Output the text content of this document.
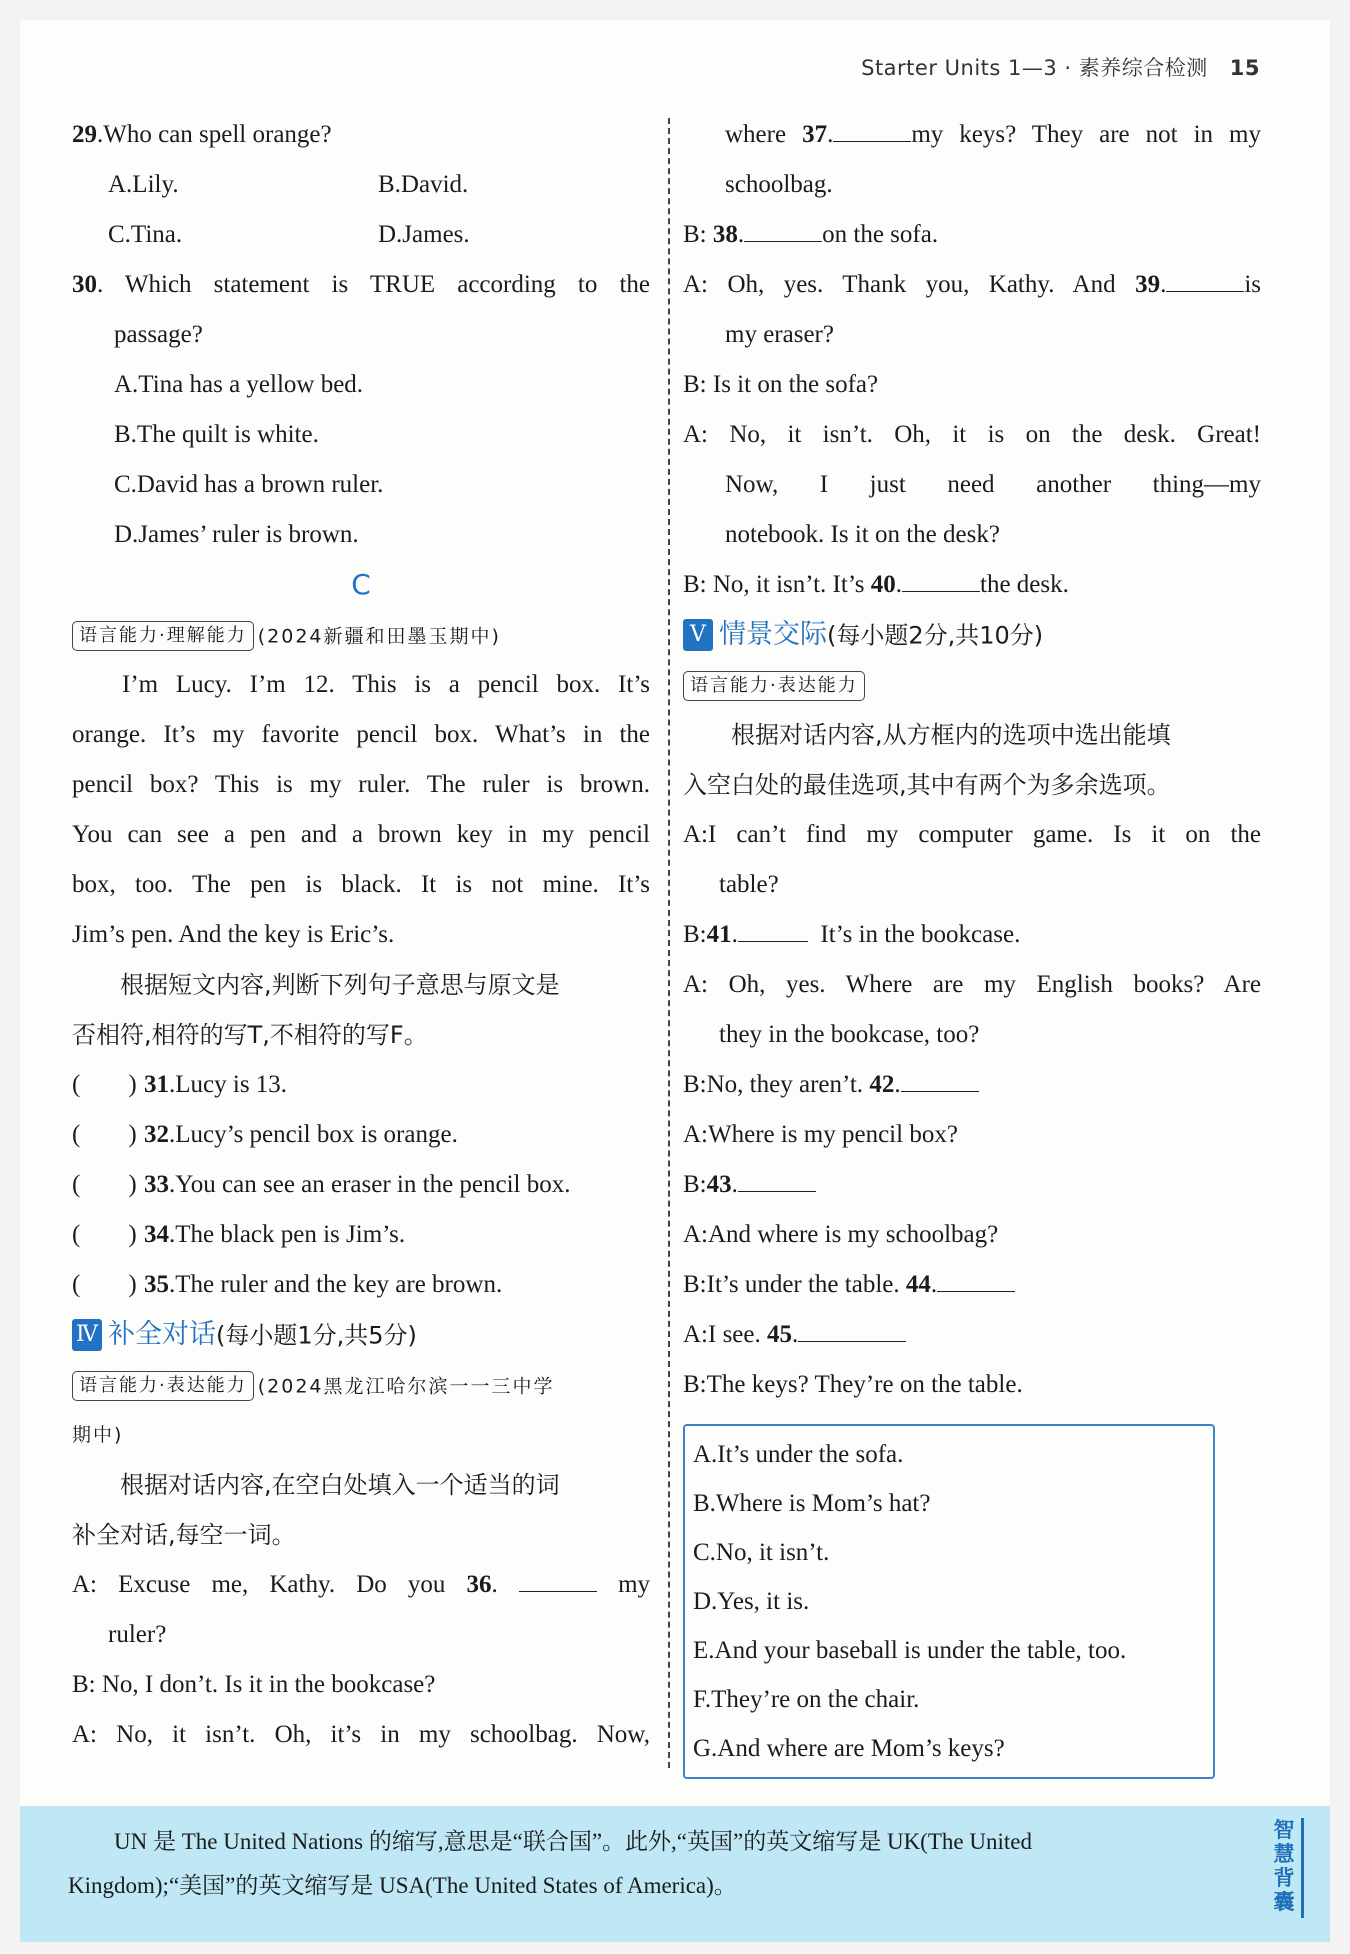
Starter Units 1—3 · 素养综合检测 15
29.Who can spell orange?
A.Lily.	B.David.
C.Tina.	D.James.
30. Which statement is TRUE according to the
passage?
A.Tina has a yellow bed.
B.The quilt is white.
C.David has a brown ruler.
D.James’ ruler is brown.
C
语言能力·理解能力 (2024新疆和田墨玉期中)
I’m Lucy. I’m 12. This is a pencil box. It’s
orange. It’s my favorite pencil box. What’s in the
pencil box? This is my ruler. The ruler is brown.
You can see a pen and a brown key in my pencil
box, too. The pen is black. It is not mine. It’s
Jim’s pen. And the key is Eric’s.
根据短文内容,判断下列句子意思与原文是
否相符,相符的写T,不相符的写F。
( ) 31.Lucy is 13.
( ) 32.Lucy’s pencil box is orange.
( ) 33.You can see an eraser in the pencil box.
( ) 34.The black pen is Jim’s.
( ) 35.The ruler and the key are brown.
Ⅳ 补全对话(每小题1分,共5分)
语言能力·表达能力 (2024黑龙江哈尔滨一一三中学
期中)
根据对话内容,在空白处填入一个适当的词
补全对话,每空一词。
A: Excuse me, Kathy. Do you 36.	my
ruler?
B: No, I don’t. Is it in the bookcase?
A: No, it isn’t. Oh, it’s in my schoolbag. Now,
where 37.	my keys? They are not in my
schoolbag.
B: 38.	on the sofa.
A: Oh, yes. Thank you, Kathy. And 39.	is
my eraser?
B: Is it on the sofa?
A: No, it isn’t. Oh, it is on the desk. Great!
Now, I just need another thing—my
notebook. Is it on the desk?
B: No, it isn’t. It’s 40.	the desk.
Ⅴ 情景交际(每小题2分,共10分)
语言能力·表达能力
根据对话内容,从方框内的选项中选出能填
入空白处的最佳选项,其中有两个为多余选项。
A:I can’t find my computer game. Is it on the
table?
B:41.	It’s in the bookcase.
A: Oh, yes. Where are my English books? Are
they in the bookcase, too?
B:No, they aren’t. 42.
A:Where is my pencil box?
B:43.
A:And where is my schoolbag?
B:It’s under the table. 44.
A:I see. 45.
B:The keys? They’re on the table.
A.It’s under the sofa.
B.Where is Mom’s hat?
C.No, it isn’t.
D.Yes, it is.
E.And your baseball is under the table, too.
F.They’re on the chair.
G.And where are Mom’s keys?
UN 是 The United Nations 的缩写,意思是“联合国”。此外,“英国”的英文缩写是 UK(The United
Kingdom);“美国”的英文缩写是 USA(The United States of America)。
智慧背囊
